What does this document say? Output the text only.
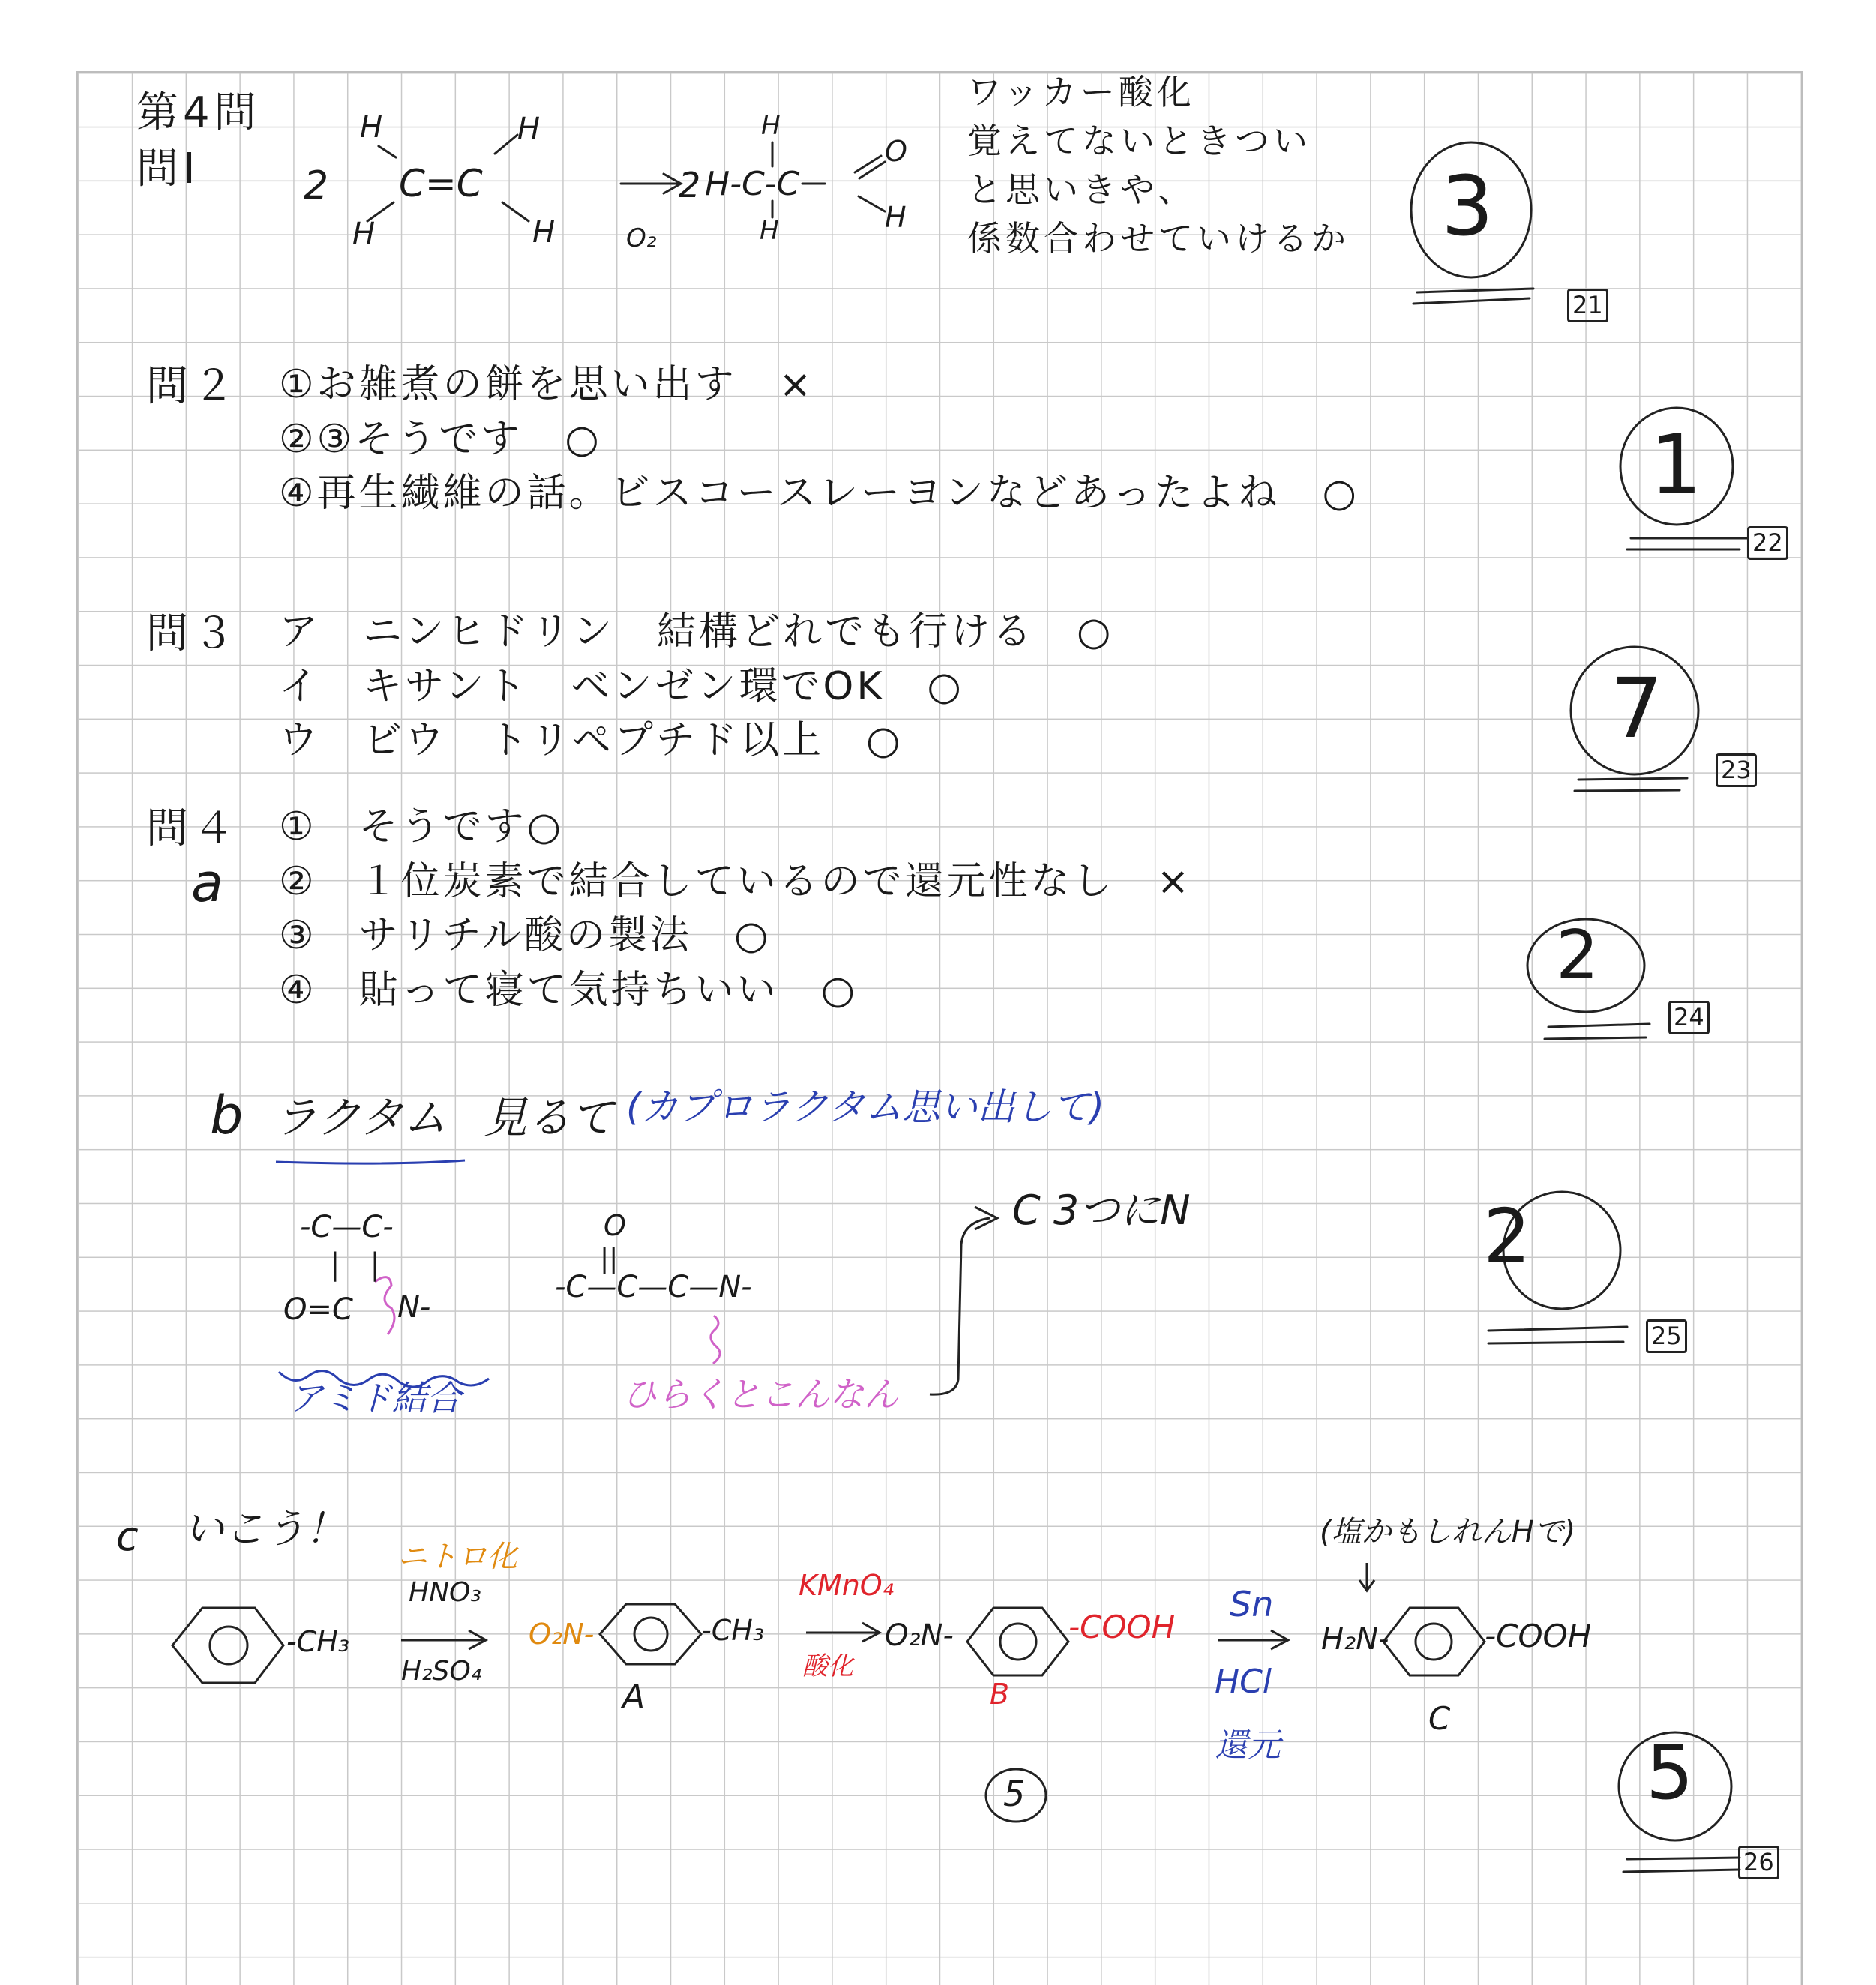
第4問
問Ⅰ	2
H	H
H	H
C=C
O₂
2 H-C-C
H
H
O
H
ワッカー酸化
覚えてないときつい
と思いきや、
係数合わせていけるか 3
21
問２ ①お雑煮の餅を思い出す　×
②③そうです　○
④再生繊維の話。ビスコースレーヨンなどあったよね　○	1
22
問３ ア　ニンヒドリン　結構どれでも行ける　○
イ　キサント　ベンゼン環でOK　○
ウ　ビウ　トリペプチド以上　○	7
23
問４
a
①　そうです○
②　１位炭素で結合しているので還元性なし　×
③　サリチル酸の製法　○
④　貼って寝て気持ちいい　○	2
24
b ラクタム 見るて (カプロラクタム思い出して)
-C—C-
|　|
O=C N-
アミド結合
O
||
-C—C—C—N-
ひらくとこんなん
C 3つにN	2
25
c いこう！
ニトロ化
HNO₃
H₂SO₄
-CH₃	O₂N-	-CH₃
A
KMnO₄
酸化
O₂N-	-COOH
B
5
Sn
HCl
還元
(塩かもしれんHで)
H₂N-	-COOH
C
5
26
